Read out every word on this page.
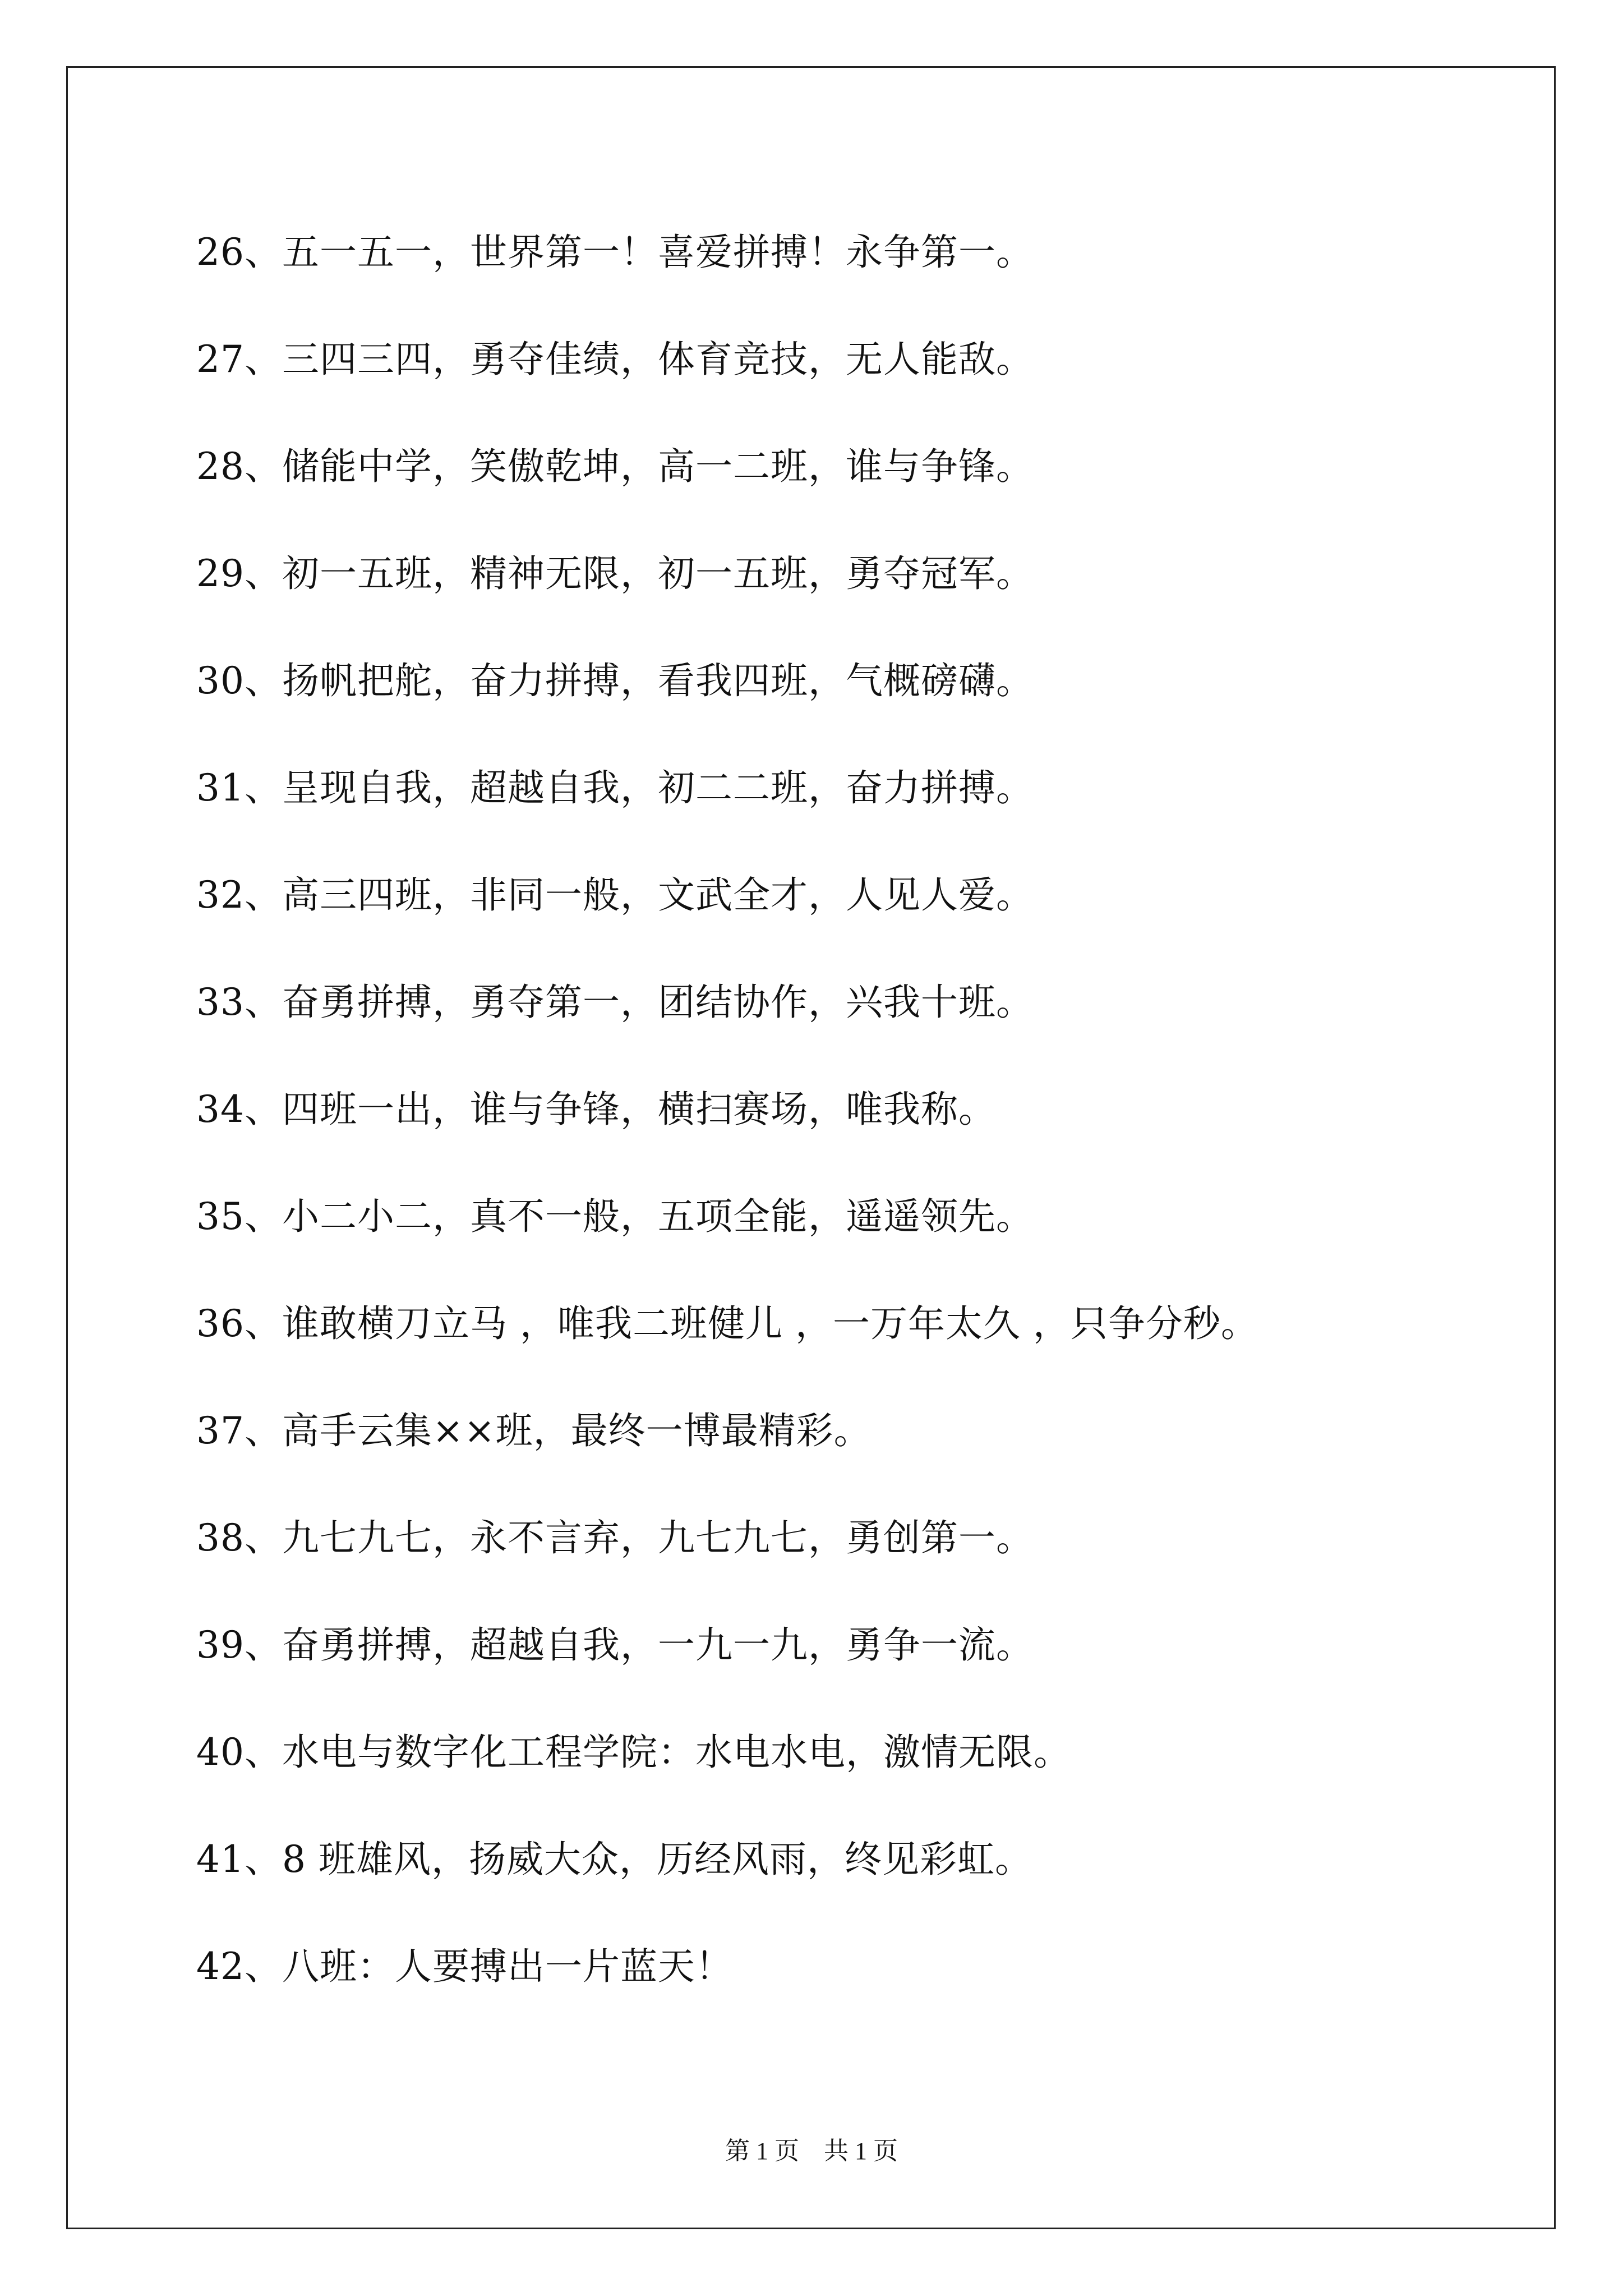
26、五一五一，世界第一！喜爱拼搏！永争第一。
27、三四三四，勇夺佳绩，体育竞技，无人能敌。
28、储能中学，笑傲乾坤，高一二班，谁与争锋。
29、初一五班，精神无限，初一五班，勇夺冠军。
30、扬帆把舵，奋力拼搏，看我四班，气概磅礴。
31、呈现自我，超越自我，初二二班，奋力拼搏。
32、高三四班，非同一般，文武全才，人见人爱。
33、奋勇拼搏，勇夺第一，团结协作，兴我十班。
34、四班一出，谁与争锋，横扫赛场，唯我称。
35、小二小二，真不一般，五项全能，遥遥领先。
36、谁敢横刀立马 ，唯我二班健儿 ，一万年太久 ，只争分秒。
37、高手云集××班，最终一博最精彩。
38、九七九七，永不言弃，九七九七，勇创第一。
39、奋勇拼搏，超越自我，一九一九，勇争一流。
40、水电与数字化工程学院：水电水电，激情无限。
41、8 班雄风，扬威大众，历经风雨，终见彩虹。
42、八班：人要搏出一片蓝天！
第 1 页　共 1 页
